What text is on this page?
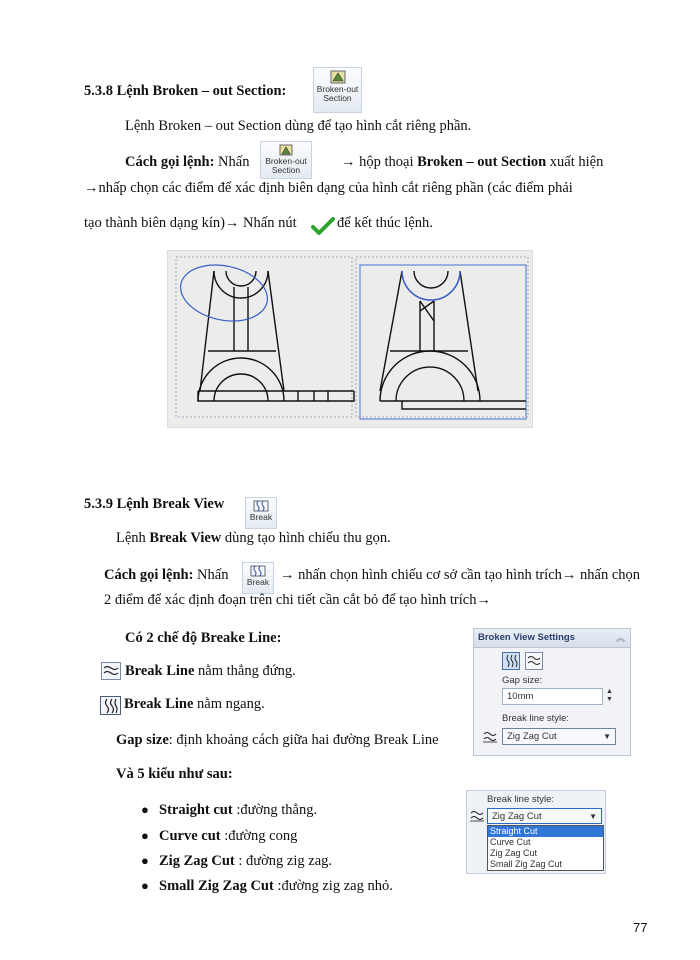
5.3.8 Lệnh Broken – out Section:	Broken-out
Section
Lệnh Broken – out Section dùng để tạo hình cắt riêng phần.
Cách gọi lệnh: Nhấn	Broken-out
Section	→ hộp thoại Broken – out Section xuất hiện
→nhấp chọn các điểm để xác định biên dạng của hình cắt riêng phần (các điểm phải
tạo thành biên dạng kín)→ Nhấn nút	để kết thúc lệnh.
5.3.9 Lệnh Break View
Break
Lệnh Break View dùng tạo hình chiếu thu gọn.
Cách gọi lệnh: Nhấn	Break → nhấn chọn hình chiếu cơ sở cần tạo hình trích→ nhấn chọn
2 điểm để xác định đoạn trên chi tiết cần cắt bỏ để tạo hình trích→
Có 2 chế độ Breake Line:
Break Line nằm thẳng đứng.
Break Line nằm ngang.
Gap size: định khoảng cách giữa hai đường Break Line
Và 5 kiểu như sau:
● Straight cut :đường thẳng.
● Curve cut :đường cong
● Zig Zag Cut : đường zig zag.
● Small Zig Zag Cut :đường zig zag nhỏ.
Broken View Settings	︽
Gap size:
10mm	▲
▼
Break line style:
Zig Zag Cut	▼
Break line style:
Zig Zag Cut	▼
Straight Cut
Curve Cut
Zig Zag Cut
Small Zig Zag Cut
77
